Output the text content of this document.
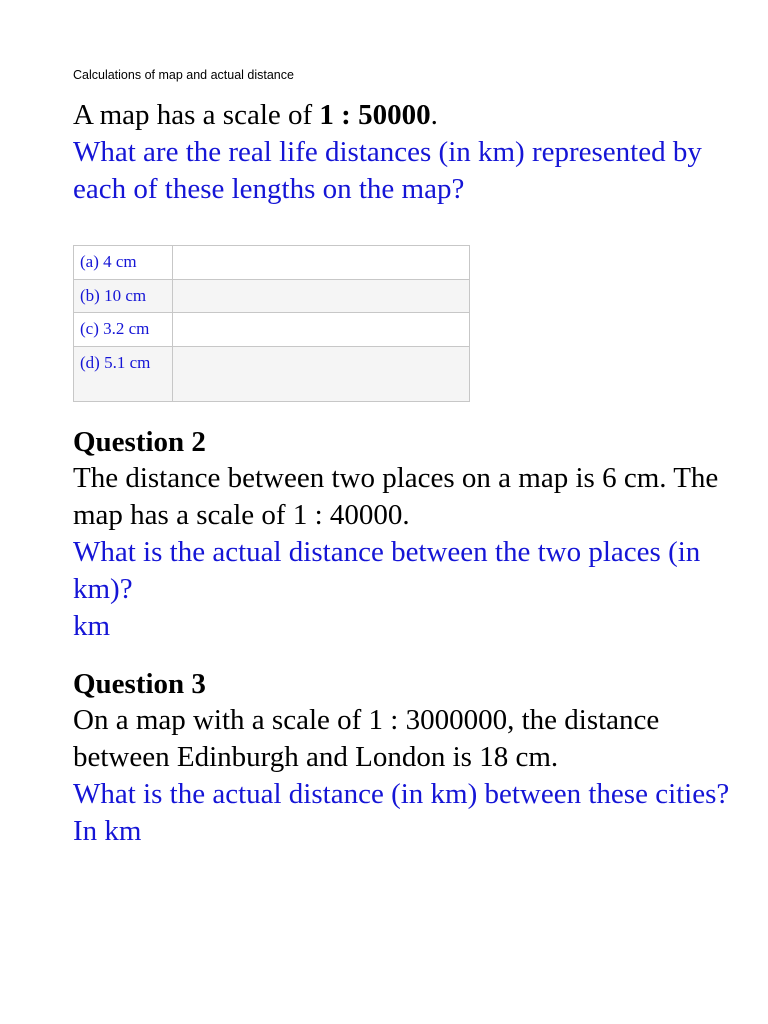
Calculations of map and actual distance

A map has a scale of 1 : 50000.

What are the real life distances (in km) represented by each of these lengths on the map?

(a) 4 cm	
(b) 10 cm	
(c) 3.2 cm	
(d) 5.1 cm	

Question 2

The distance between two places on a map is 6 cm. The map has a scale of 1 : 40000.

What is the actual distance between the two places (in km)?

km

Question 3

On a map with a scale of 1 : 3000000, the distance between Edinburgh and London is 18 cm.

What is the actual distance (in km) between these cities? In km
